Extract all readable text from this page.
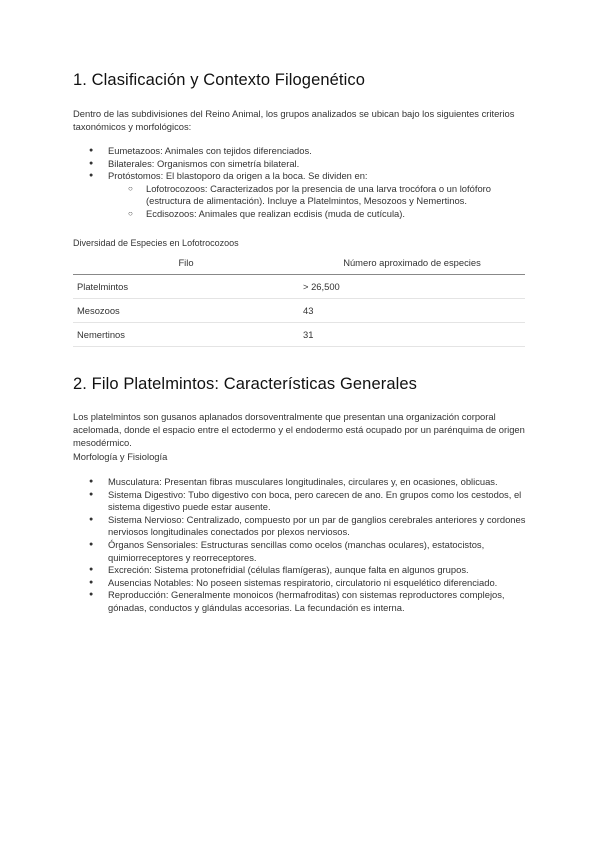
1. Clasificación y Contexto Filogenético

Dentro de las subdivisiones del Reino Animal, los grupos analizados se ubican bajo los siguientes criterios taxonómicos y morfológicos:

● Eumetazoos: Animales con tejidos diferenciados.
● Bilaterales: Organismos con simetría bilateral.
● Protóstomos: El blastoporo da origen a la boca. Se dividen en:
○ Lofotrocozoos: Caracterizados por la presencia de una larva trocófora o un lofóforo (estructura de alimentación). Incluye a Platelmintos, Mesozoos y Nemertinos.
○ Ecdisozoos: Animales que realizan ecdisis (muda de cutícula).
Diversidad de Especies en Lofotrocozoos
Filo	Número aproximado de especies
Platelmintos	> 26,500
Mesozoos	43
Nemertinos	31
2. Filo Platelmintos: Características Generales

Los platelmintos son gusanos aplanados dorsoventralmente que presentan una organización corporal acelomada, donde el espacio entre el ectodermo y el endodermo está ocupado por un parénquima de origen mesodérmico.

Morfología y Fisiología

● Musculatura: Presentan fibras musculares longitudinales, circulares y, en ocasiones, oblicuas.
● Sistema Digestivo: Tubo digestivo con boca, pero carecen de ano. En grupos como los cestodos, el sistema digestivo puede estar ausente.
● Sistema Nervioso: Centralizado, compuesto por un par de ganglios cerebrales anteriores y cordones nerviosos longitudinales conectados por plexos nerviosos.
● Órganos Sensoriales: Estructuras sencillas como ocelos (manchas oculares), estatocistos, quimiorreceptores y reorreceptores.
● Excreción: Sistema protonefridial (células flamígeras), aunque falta en algunos grupos.
● Ausencias Notables: No poseen sistemas respiratorio, circulatorio ni esquelético diferenciado.
● Reproducción: Generalmente monoicos (hermafroditas) con sistemas reproductores complejos, gónadas, conductos y glándulas accesorias. La fecundación es interna.
